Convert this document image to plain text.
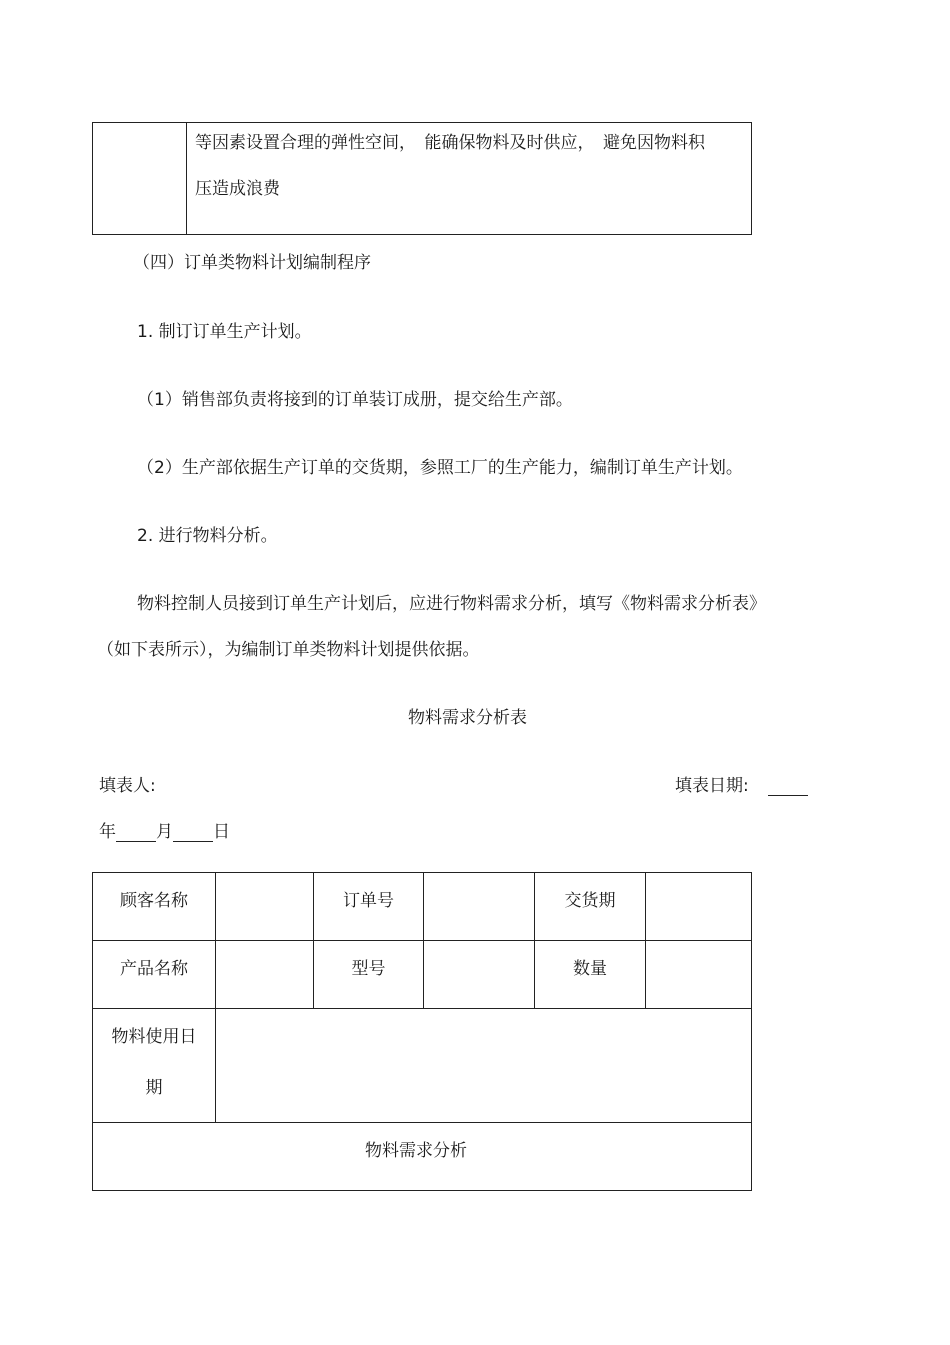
等因素设置合理的弹性空间，　能确保物料及时供应，　避免因物料积
压造成浪费
（四）订单类物料计划编制程序
1. 制订订单生产计划。
（1）销售部负责将接到的订单装订成册，提交给生产部。
（2）生产部依据生产订单的交货期，参照工厂的生产能力，编制订单生产计划。
2. 进行物料分析。
物料控制人员接到订单生产计划后，应进行物料需求分析，填写《物料需求分析表》
（如下表所示），为编制订单类物料计划提供依据。
物料需求分析表
填表人:	填表日期:
年 月 日
顾客名称		订单号		交货期	
产品名称		型号		数量	

物料使用日
期					

物料需求分析					
